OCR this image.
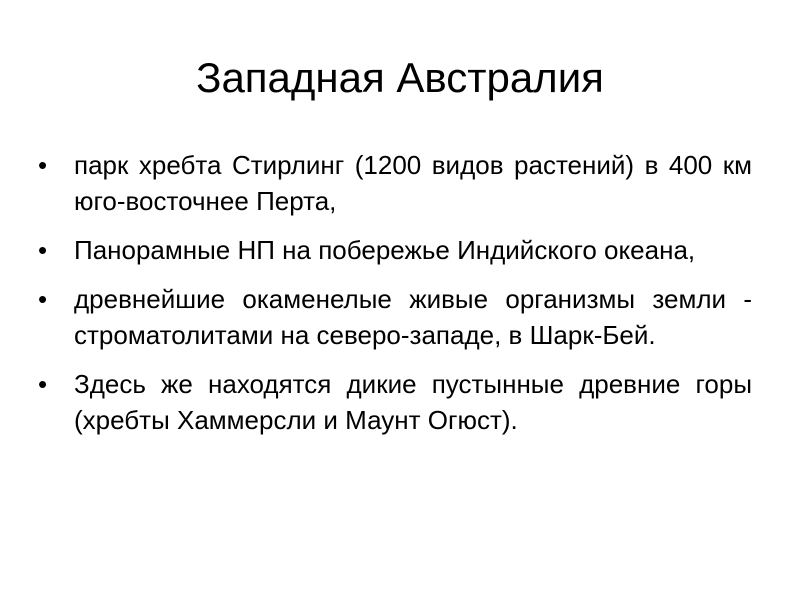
Западная Австралия
•	парк хребта Стирлинг (1200 видов растений) в 400 км юго-восточнее Перта,
•	Панорамные НП на побережье Индийского океана,
•	древнейшие окаменелые живые организмы земли - строматолитами на северо-западе, в Шарк-Бей.
•	Здесь же находятся дикие пустынные древние горы (хребты Хаммерсли и Маунт Огюст).
